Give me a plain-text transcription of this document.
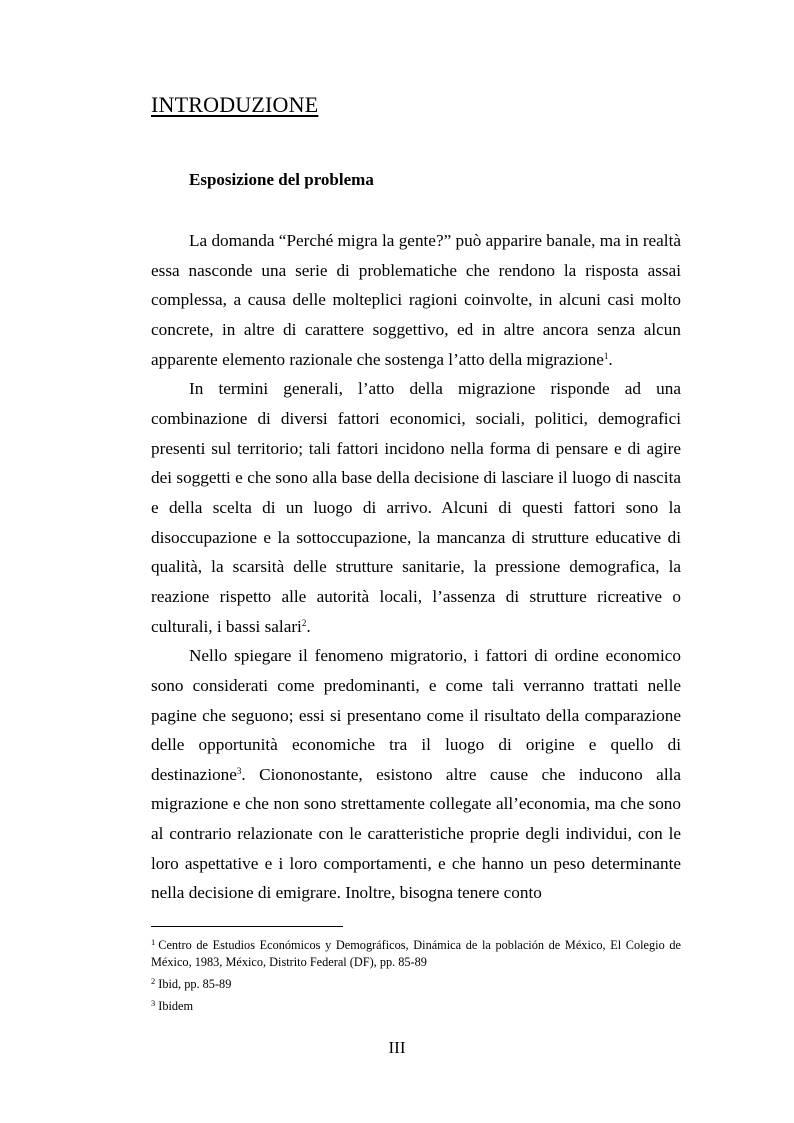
INTRODUZIONE
Esposizione del problema

La domanda “Perché migra la gente?” può apparire banale, ma in realtà essa nasconde una serie di problematiche che rendono la risposta assai complessa, a causa delle molteplici ragioni coinvolte, in alcuni casi molto concrete, in altre di carattere soggettivo, ed in altre ancora senza alcun apparente elemento razionale che sostenga l’atto della migrazione$^1$.

In termini generali, l’atto della migrazione risponde ad una combinazione di diversi fattori economici, sociali, politici, demografici presenti sul territorio; tali fattori incidono nella forma di pensare e di agire dei soggetti e che sono alla base della decisione di lasciare il luogo di nascita e della scelta di un luogo di arrivo. Alcuni di questi fattori sono la disoccupazione e la sottoccupazione, la mancanza di strutture educative di qualità, la scarsità delle strutture sanitarie, la pressione demografica, la reazione rispetto alle autorità locali, l’assenza di strutture ricreative o culturali, i bassi salari$^2$.

Nello spiegare il fenomeno migratorio, i fattori di ordine economico sono considerati come predominanti, e come tali verranno trattati nelle pagine che seguono; essi si presentano come il risultato della comparazione delle opportunità economiche tra il luogo di origine e quello di destinazione$^3$. Ciononostante, esistono altre cause che inducono alla migrazione e che non sono strettamente collegate all’economia, ma che sono al contrario relazionate con le caratteristiche proprie degli individui, con le loro aspettative e i loro comportamenti, e che hanno un peso determinante nella decisione di emigrare. Inoltre, bisogna tenere conto

$^1$ Centro de Estudios Económicos y Demográficos, Dinámica de la población de México, El Colegio de México, 1983, México, Distrito Federal (DF), pp. 85-89
$^2$ Ibid, pp. 85-89
$^3$ Ibidem
III
